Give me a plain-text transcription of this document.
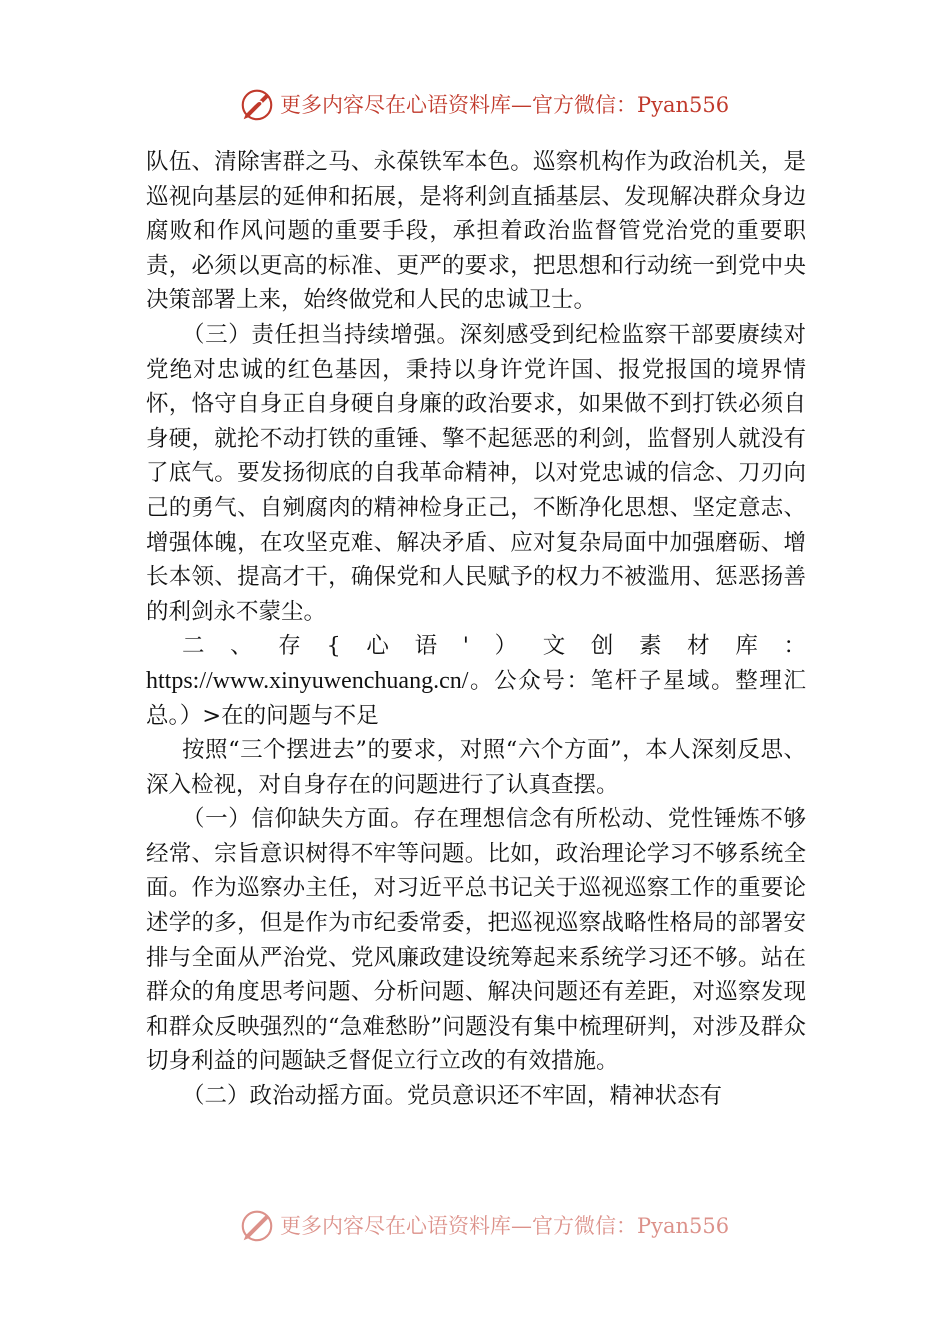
更多内容尽在心语资料库—官方微信：Pyan556

队伍、清除害群之马、永葆铁军本色。巡察机构作为政治机关，是巡视向基层的延伸和拓展，是将利剑直插基层、发现解决群众身边腐败和作风问题的重要手段，承担着政治监督管党治党的重要职责，必须以更高的标准、更严的要求，把思想和行动统一到党中央决策部署上来，始终做党和人民的忠诚卫士。

（三）责任担当持续增强。深刻感受到纪检监察干部要赓续对党绝对忠诚的红色基因，秉持以身许党许国、报党报国的境界情怀，恪守自身正自身硬自身廉的政治要求，如果做不到打铁必须自身硬，就抡不动打铁的重锤、擎不起惩恶的利剑，监督别人就没有了底气。要发扬彻底的自我革命精神，以对党忠诚的信念、刀刃向己的勇气、自剜腐肉的精神检身正己，不断净化思想、坚定意志、增强体魄，在攻坚克难、解决矛盾、应对复杂局面中加强磨砺、增长本领、提高才干，确保党和人民赋予的权力不被滥用、惩恶扬善的利剑永不蒙尘。

二、存{心语'）文创素材库： https://www.xinyuwenchuang.cn/。公众号：笔杆子星域。整理汇总。）>在的问题与不足

按照“三个摆进去”的要求，对照“六个方面”，本人深刻反思、深入检视，对自身存在的问题进行了认真查摆。

（一）信仰缺失方面。存在理想信念有所松动、党性锤炼不够经常、宗旨意识树得不牢等问题。比如，政治理论学习不够系统全面。作为巡察办主任，对习近平总书记关于巡视巡察工作的重要论述学的多，但是作为市纪委常委，把巡视巡察战略性格局的部署安排与全面从严治党、党风廉政建设统筹起来系统学习还不够。站在群众的角度思考问题、分析问题、解决问题还有差距，对巡察发现和群众反映强烈的“急难愁盼”问题没有集中梳理研判，对涉及群众切身利益的问题缺乏督促立行立改的有效措施。

（二）政治动摇方面。党员意识还不牢固，精神状态有

更多内容尽在心语资料库—官方微信：Pyan556
